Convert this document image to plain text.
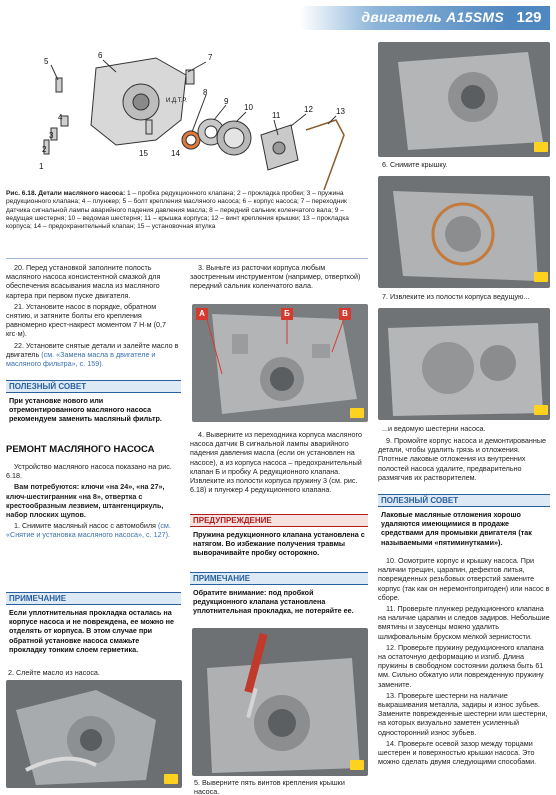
двигатель A15SMS 129
1
2
3
4
5
6	7
8
9
10
11
12	13
14
15
И.Д.Т.Р.
Рис. 6.18. Детали масляного насоса: 1 – пробка редукционного клапана; 2 – прокладка пробки; 3 – пружина редукционного клапана; 4 – плунжер; 5 – болт крепления масляного насоса; 6 – корпус насоса; 7 – переходник датчика сигнальной лампы аварийного падения давления масла; 8 – передний сальник коленчатого вала; 9 – ведущая шестерня; 10 – ведомая шестерня; 11 – крышка корпуса; 12 – винт крепления крышки; 13 – прокладка корпуса; 14 – предохранительный клапан; 15 – установочная втулка

20. Перед установкой заполните полость масляного насоса консистентной смазкой для обеспечения всасывания масла из масляного картера при первом пуске двигателя.

21. Установите насос в порядке, обратном снятию, и затяните болты его крепления равномерно крест-накрест моментом 7 Н·м (0,7 кгс·м).

22. Установите снятые детали и залейте масло в двигатель (см. «Замена масла в двигателе и масляного фильтра», с. 159).

ПОЛЕЗНЫЙ СОВЕТ
При установке нового или отремонтированного масляного насоса рекомендуем заменить масляный фильтр.
РЕМОНТ МАСЛЯНОГО НАСОСА

Устройство масляного насоса показано на рис. 6.18.

Вам потребуются: ключи «на 24», «на 27», ключ-шестигранник «на 8», отвертка с крестообразным лезвием, штангенциркуль, набор плоских щупов.

1. Снимите масляный насос с автомобиля (см. «Снятие и установка масляного насоса», с. 127).

ПРИМЕЧАНИЕ
Если уплотнительная прокладка осталась на корпусе насоса и не повреждена, ее можно не отделять от корпуса. В этом случае при обратной установке насоса смажьте прокладку тонким слоем герметика.
2. Слейте масло из насоса.

3. Выньте из расточки корпуса любым заостренным инструментом (например, отверткой) передний сальник коленчатого вала.

А	Б	В

4. Выверните из переходника корпуса масляного насоса датчик В сигнальной лампы аварийного падения давления масла (если он установлен на насосе), а из корпуса насоса – предохранительный клапан Б и пробку А редукционного клапана. Извлеките из полости корпуса пружину 3 (см. рис. 6.18) и плунжер 4 редукционного клапана.

ПРЕДУПРЕЖДЕНИЕ
Пружина редукционного клапана установлена с натягом. Во избежание получения травмы выворачивайте пробку осторожно.
ПРИМЕЧАНИЕ
Обратите внимание: под пробкой редукционного клапана установлена уплотнительная прокладка, не потеряйте ее.
5. Выверните пять винтов крепления крышки насоса.
6. Снимите крышку.
7. Извлеките из полости корпуса ведущую...
...и ведомую шестерни насоса.

9. Промойте корпус насоса и демонтированные детали, чтобы удалить грязь и отложения. Плотные лаковые отложения из внутренних полостей насоса удалите, предварительно размягчив их растворителем.

ПОЛЕЗНЫЙ СОВЕТ
Лаковые масляные отложения хорошо удаляются имеющимися в продаже средствами для промывки двигателя (так называемыми «пятиминутками»).

10. Осмотрите корпус и крышку насоса. При наличии трещин, царапин, дефектов литья, поврежденных резьбовых отверстий замените корпус (так как он неремонтопригоден) или насос в сборе.

11. Проверьте плунжер редукционного клапана на наличие царапин и следов задиров. Небольшие вмятины и заусенцы можно удалить шлифовальным бруском мелкой зернистости.

12. Проверьте пружину редукционного клапана на остаточную деформацию и изгиб. Длина пружины в свободном состоянии должна быть 61 мм. Сильно обжатую или поврежденную пружину замените.

13. Проверьте шестерни на наличие выкрашивания металла, задиры и износ зубьев. Замените поврежденные шестерни или шестерни, на которых визуально заметен усиленный односторонний износ зубьев.

14. Проверьте осевой зазор между торцами шестерен и поверхностью крышки насоса. Это можно сделать двумя следующими способами.
